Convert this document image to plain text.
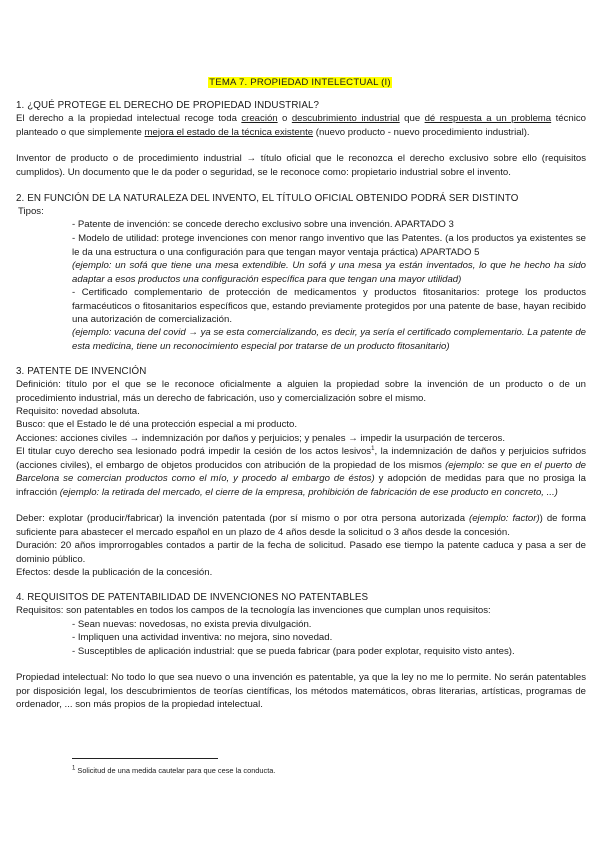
TEMA 7. PROPIEDAD INTELECTUAL (I)
1. ¿QUÉ PROTEGE EL DERECHO DE PROPIEDAD INDUSTRIAL?
El derecho a la propiedad intelectual recoge toda creación o descubrimiento industrial que dé respuesta a un problema técnico planteado o que simplemente mejora el estado de la técnica existente (nuevo producto - nuevo procedimiento industrial).
Inventor de producto o de procedimiento industrial → título oficial que le reconozca el derecho exclusivo sobre ello (requisitos cumplidos). Un documento que le da poder o seguridad, se le reconoce como: propietario industrial sobre el invento.
2. EN FUNCIÓN DE LA NATURALEZA DEL INVENTO, EL TÍTULO OFICIAL OBTENIDO PODRÁ SER DISTINTO
Tipos:
- Patente de invención: se concede derecho exclusivo sobre una invención. APARTADO 3
- Modelo de utilidad: protege invenciones con menor rango inventivo que las Patentes. (a los productos ya existentes se le da una estructura o una configuración para que tengan mayor ventaja práctica) APARTADO 5
(ejemplo: un sofá que tiene una mesa extendible. Un sofá y una mesa ya están inventados, lo que he hecho ha sido adaptar a esos productos una configuración específica para que tengan una mayor utilidad)
- Certificado complementario de protección de medicamentos y productos fitosanitarios: protege los productos farmacéuticos o fitosanitarios específicos que, estando previamente protegidos por una patente de base, hayan recibido una autorización de comercialización.
(ejemplo: vacuna del covid → ya se esta comercializando, es decir, ya sería el certificado complementario. La patente de esta medicina, tiene un reconocimiento especial por tratarse de un producto fitosanitario)
3. PATENTE DE INVENCIÓN
Definición: título por el que se le reconoce oficialmente a alguien la propiedad sobre la invención de un producto o de un procedimiento industrial, más un derecho de fabricación, uso y comercialización sobre el mismo.
Requisito: novedad absoluta.
Busco: que el Estado le dé una protección especial a mi producto.
Acciones: acciones civiles → indemnización por daños y perjuicios; y penales → impedir la usurpación de terceros.
El titular cuyo derecho sea lesionado podrá impedir la cesión de los actos lesivos$^1$, la indemnización de daños y perjuicios sufridos (acciones civiles), el embargo de objetos producidos con atribución de la propiedad de los mismos (ejemplo: se que en el puerto de Barcelona se comercian productos como el mío, y procedo al embargo de éstos) y adopción de medidas para que no prosiga la infracción (ejemplo: la retirada del mercado, el cierre de la empresa, prohibición de fabricación de ese producto en concreto, ...)
Deber: explotar (producir/fabricar) la invención patentada (por sí mismo o por otra persona autorizada (ejemplo: factor)) de forma suficiente para abastecer el mercado español en un plazo de 4 años desde la solicitud o 3 años desde la concesión.
Duración: 20 años improrrogables contados a partir de la fecha de solicitud. Pasado ese tiempo la patente caduca y pasa a ser de dominio público.
Efectos: desde la publicación de la concesión.
4. REQUISITOS DE PATENTABILIDAD DE INVENCIONES NO PATENTABLES
Requisitos: son patentables en todos los campos de la tecnología las invenciones que cumplan unos requisitos:
- Sean nuevas: novedosas, no exista previa divulgación.
- Impliquen una actividad inventiva: no mejora, sino novedad.
- Susceptibles de aplicación industrial: que se pueda fabricar (para poder explotar, requisito visto antes).
Propiedad intelectual: No todo lo que sea nuevo o una invención es patentable, ya que la ley no me lo permite. No serán patentables por disposición legal, los descubrimientos de teorías científicas, los métodos matemáticos, obras literarias, artísticas, programas de ordenador, ... son más propios de la propiedad intelectual.
$^1$ Solicitud de una medida cautelar para que cese la conducta.
